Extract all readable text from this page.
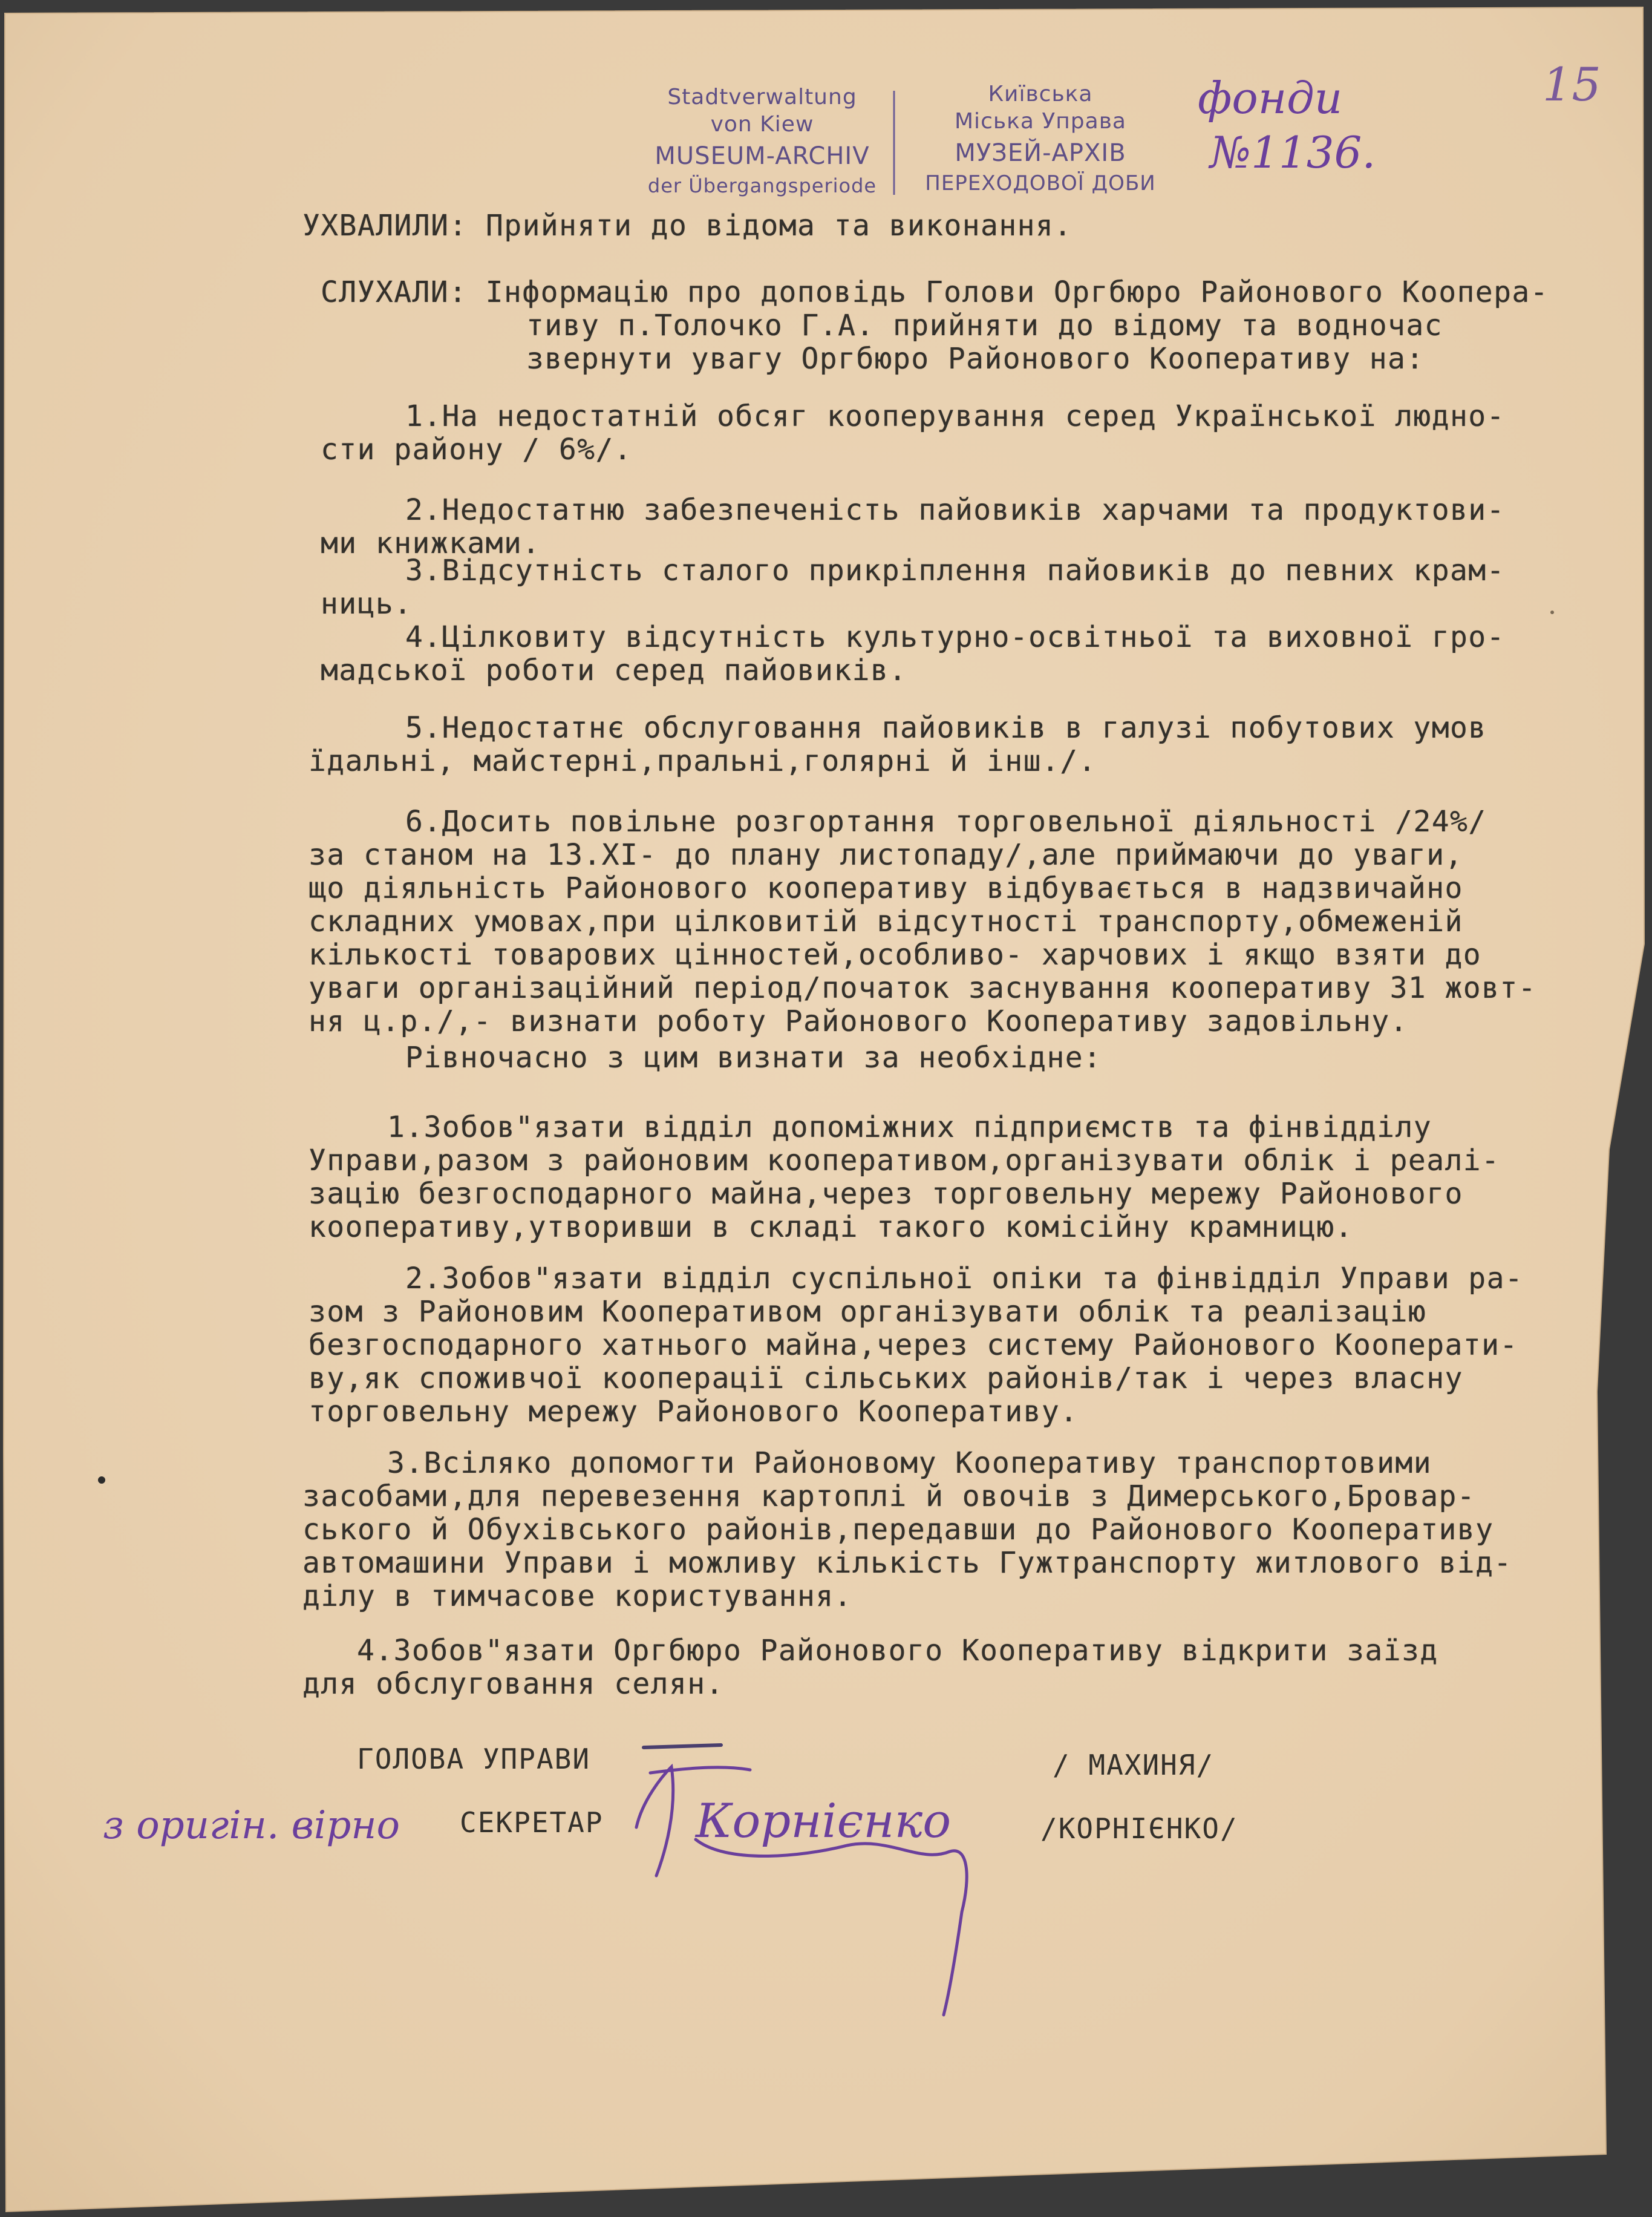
Stadtverwaltung
von Kiew
MUSEUM-ARCHIV
der Übergangsperiode
Київська
Міська Управа
МУЗЕЙ-АРХІВ
ПЕРЕХОДОВОЇ ДОБИ
фонди
№1136.
15
УХВАЛИЛИ: Прийняти до відома та виконання.
СЛУХАЛИ: Інформацію про доповідь Голови Оргбюро Районового Коопера-
тиву п.Толочко Г.А. прийняти до відому та водночас
звернути увагу Оргбюро Районового Кооперативу на:
1.На недостатній обсяг кооперування серед Української людно-
сти району / 6%/.
2.Недостатню забезпеченість пайовиків харчами та продуктови-
ми книжками.
3.Відсутність сталого прикріплення пайовиків до певних крам-
ниць.
4.Цілковиту відсутність культурно-освітньої та виховної гро-
мадської роботи серед пайовиків.
5.Недостатнє обслуговання пайовиків в галузі побутових умов
їдальні, майстерні,пральні,голярні й інш./.
6.Досить повільне розгортання торговельної діяльності /24%/
за станом на 13.XI- до плану листопаду/,але приймаючи до уваги,
що діяльність Районового кооперативу відбувається в надзвичайно
складних умовах,при цілковитій відсутності транспорту,обмеженій
кількості товарових цінностей,особливо- харчових і якщо взяти до
уваги організаційний період/початок заснування кооперативу 31 жовт-
ня ц.р./,- визнати роботу Районового Кооперативу задовільну.
Рівночасно з цим визнати за необхідне:
1.Зобов"язати відділ допоміжних підприємств та фінвідділу
Управи,разом з районовим кооперативом,організувати облік і реалі-
зацію безгосподарного майна,через торговельну мережу Районового
кооперативу,утворивши в складі такого комісійну крамницю.
2.Зобов"язати відділ суспільної опіки та фінвідділ Управи ра-
зом з Районовим Кооперативом організувати облік та реалізацію
безгосподарного хатнього майна,через систему Районового Кооперати-
ву,як споживчої кооперації сільських районів/так і через власну
торговельну мережу Районового Кооперативу.
3.Всіляко допомогти Районовому Кооперативу транспортовими
засобами,для перевезення картоплі й овочів з Димерського,Бровар-
ського й Обухівського районів,передавши до Районового Кооперативу
автомашини Управи і можливу кількість Гужтранспорту житлового від-
ділу в тимчасове користування.
4.Зобов"язати Оргбюро Районового Кооперативу відкрити заїзд
для обслуговання селян.
ГОЛОВА УПРАВИ	/ МАХИНЯ/
СЕКРЕТАР	/КОРНІЄНКО/
з оригін. вірно	Корнієнко
